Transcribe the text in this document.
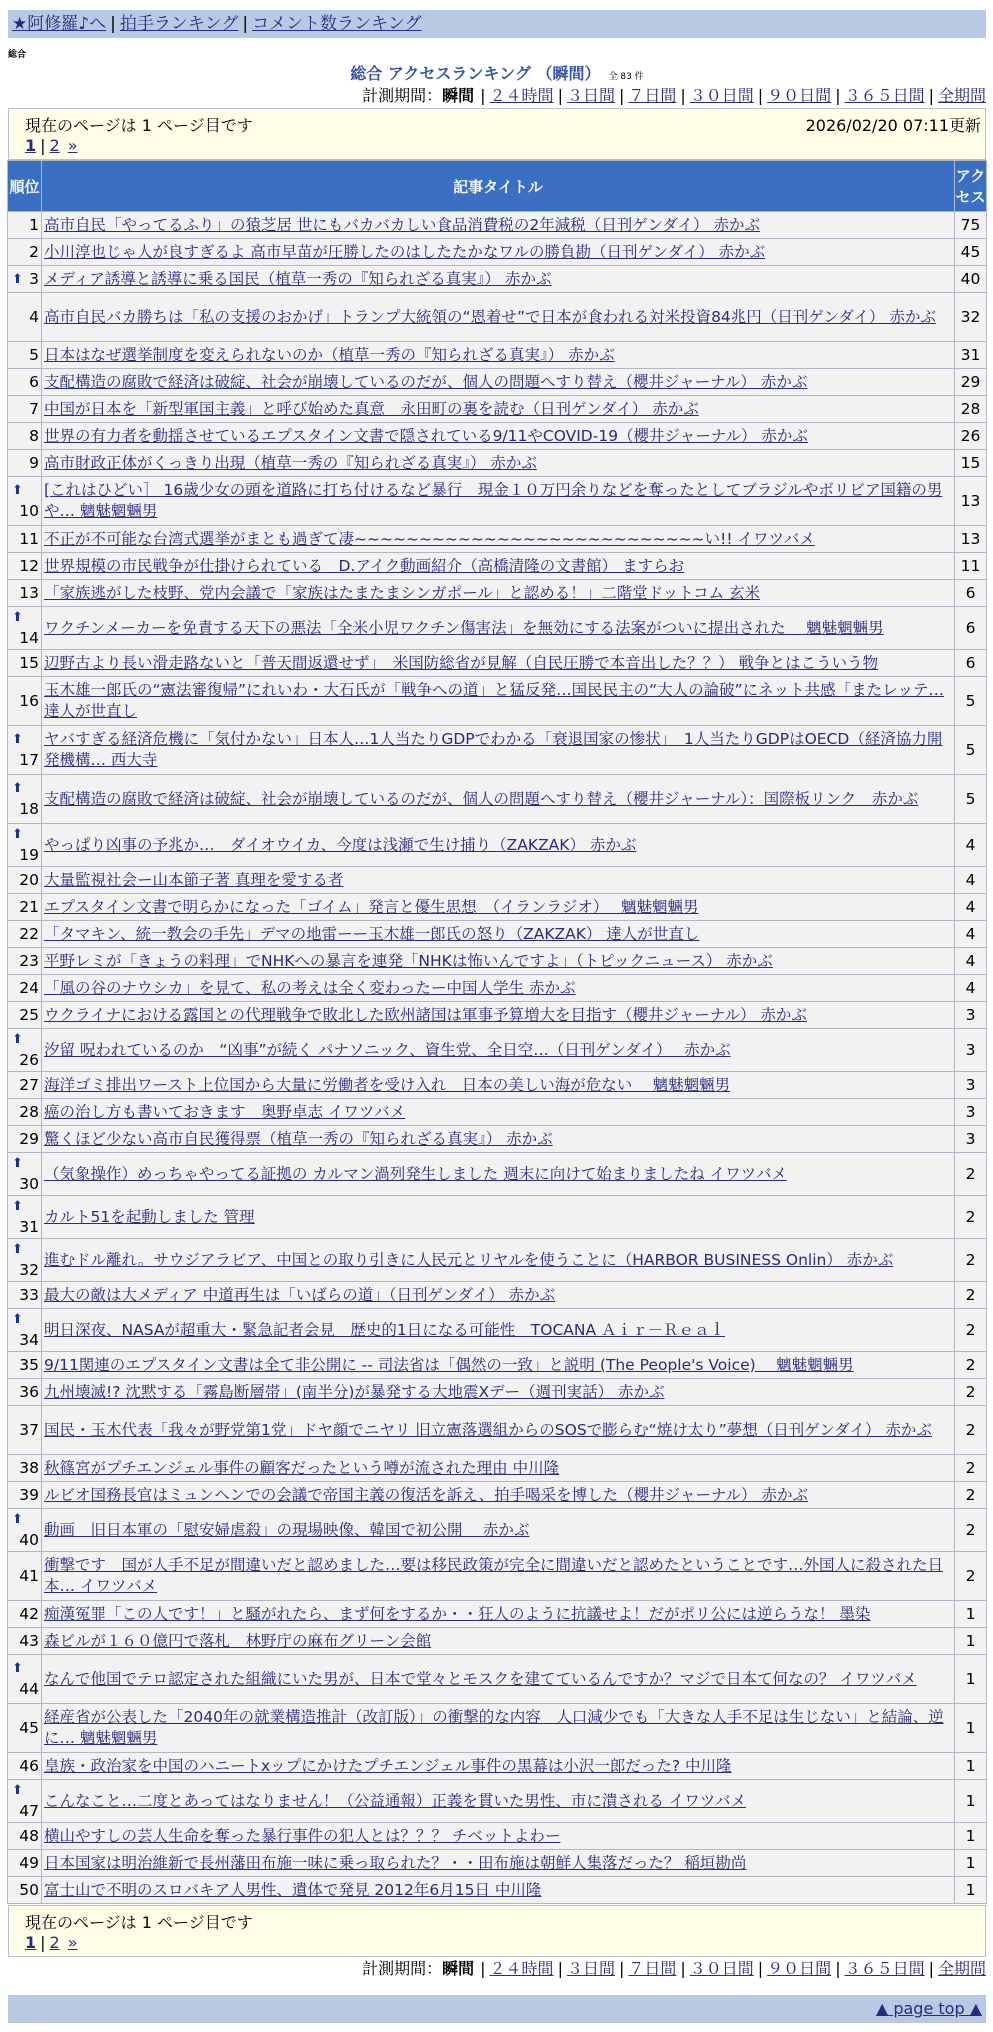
★阿修羅♪へ | 拍手ランキング | コメント数ランキング
総合
総合 アクセスランキング （瞬間） 全 83 件
計測期間：瞬間 | ２４時間 | ３日間 | ７日間 | ３０日間 | ９０日間 | ３６５日間 | 全期間
現在のページは 1 ページ目です	2026/02/20 07:11更新
1 | 2 »
順位	記事タイトル	アクセス
1	高市自民「やってるふり」の猿芝居 世にもバカバカしい食品消費税の2年減税（日刊ゲンダイ） 赤かぶ	75
2	小川淳也じゃ人が良すぎるよ 高市早苗が圧勝したのはしたたかなワルの勝負勘（日刊ゲンダイ） 赤かぶ	45

⬆ 3	メディア誘導と誘導に乗る国民（植草一秀の『知られざる真実』） 赤かぶ	40
4	高市自民バカ勝ちは「私の支援のおかげ」トランプ大統領の“恩着せ”で日本が食われる対米投資84兆円（日刊ゲンダイ） 赤かぶ	32
5	日本はなぜ選挙制度を変えられないのか（植草一秀の『知られざる真実』） 赤かぶ	31
6	支配構造の腐敗で経済は破綻、社会が崩壊しているのだが、個人の問題へすり替え（櫻井ジャーナル） 赤かぶ	29
7	中国が日本を「新型軍国主義」と呼び始めた真意　永田町の裏を読む（日刊ゲンダイ） 赤かぶ	28
8	世界の有力者を動揺させているエプスタイン文書で隠されている9/11やCOVID-19（櫻井ジャーナル） 赤かぶ	26
9	高市財政正体がくっきり出現（植草一秀の『知られざる真実』） 赤かぶ	15

⬆
10	[これはひどい］ 16歳少女の頭を道路に打ち付けるなど暴行　現金１０万円余りなどを奪ったとしてブラジルやボリビア国籍の男や… 魑魅魍魎男	13
11	不正が不可能な台湾式選挙がまとも過ぎて凄~~~~~~~~~~~~~~~~~~~~~~~~~~~い!! イワツバメ	13
12	世界規模の市民戦争が仕掛けられている　D.アイク動画紹介（高橋清隆の文書館） ますらお	11
13	「家族逃がした枝野、党内会議で「家族はたまたまシンガポール」と認める！」二階堂ドットコム 玄米	6

⬆
14	ワクチンメーカーを免責する天下の悪法「全米小児ワクチン傷害法」を無効にする法案がついに提出された　 魑魅魍魎男	6
15	辺野古より長い滑走路ないと「普天間返還せず」　米国防総省が見解（自民圧勝で本音出した？？） 戦争とはこういう物	6
16	玉木雄一郎氏の“憲法審復帰”にれいわ・大石氏が「戦争への道」と猛反発…国民民主の“大人の論破”にネット共感「またレッテ… 達人が世直し	5

⬆
17	ヤバすぎる経済危機に「気付かない」日本人…1人当たりGDPでわかる「衰退国家の惨状」　1人当たりGDPはOECD（経済協力開発機構… 西大寺	5

⬆
18	支配構造の腐敗で経済は破綻、社会が崩壊しているのだが、個人の問題へすり替え（櫻井ジャーナル）：国際板リンク　赤かぶ	5

⬆
19	やっぱり凶事の予兆か…　ダイオウイカ、今度は浅瀬で生け捕り（ZAKZAK） 赤かぶ	4
20	大量監視社会ー山本節子著 真理を愛する者	4
21	エプスタイン文書で明らかになった「ゴイム」発言と優生思想　（イランラジオ）　 魑魅魍魎男	4
22	「タマキン、統一教会の手先」デマの地雷ーー玉木雄一郎氏の怒り（ZAKZAK） 達人が世直し	4
23	平野レミが「きょうの料理」でNHKへの暴言を連発「NHKは怖いんですよ」（トピックニュース） 赤かぶ	4
24	「風の谷のナウシカ」を見て、私の考えは全く変わったー中国人学生 赤かぶ	4
25	ウクライナにおける露国との代理戦争で敗北した欧州諸国は軍事予算増大を目指す（櫻井ジャーナル） 赤かぶ	3

⬆
26	汐留 呪われているのか　“凶事”が続く パナソニック、資生党、全日空…（日刊ゲンダイ）　 赤かぶ	3
27	海洋ゴミ排出ワースト上位国から大量に労働者を受け入れ　日本の美しい海が危ない　 魑魅魍魎男	3
28	癌の治し方も書いておきます　奥野卓志 イワツバメ	3
29	驚くほど少ない高市自民獲得票（植草一秀の『知られざる真実』） 赤かぶ	3

⬆
30	（気象操作）めっちゃやってる証拠の カルマン渦列発生しました 週末に向けて始まりましたね イワツバメ	2

⬆
31	カルト51を起動しました 管理	2

⬆
32	進むドル離れ。サウジアラビア、中国との取り引きに人民元とリヤルを使うことに（HARBOR BUSINESS Onlin） 赤かぶ	2
33	最大の敵は大メディア 中道再生は「いばらの道」（日刊ゲンダイ） 赤かぶ	2

⬆
34	明日深夜、NASAが超重大・緊急記者会見　歴史的1日になる可能性　TOCANA Ａｉｒ－Ｒｅａｌ	2
35	9/11関連のエプスタイン文書は全て非公開に -- 司法省は「偶然の一致」と説明 (The People's Voice)　 魑魅魍魎男	2
36	九州壊滅!? 沈黙する「霧島断層帯」(南半分)が暴発する大地震Xデー（週刊実話） 赤かぶ	2
37	国民・玉木代表「我々が野党第1党」ドヤ顔でニヤリ 旧立憲落選組からのSOSで膨らむ“焼け太り”夢想（日刊ゲンダイ） 赤かぶ	2
38	秋篠宮がプチエンジェル事件の顧客だったという噂が流された理由 中川隆	2
39	ルビオ国務長官はミュンヘンでの会議で帝国主義の復活を訴え、拍手喝采を博した（櫻井ジャーナル） 赤かぶ	2

⬆
40	動画　旧日本軍の「慰安婦虐殺」の現場映像、韓国で初公開　 赤かぶ	2
41	衝撃です　国が人手不足が間違いだと認めました…要は移民政策が完全に間違いだと認めたということです…外国人に殺された日本… イワツバメ	2
42	痴漢冤罪「この人です！」と騒がれたら、まず何をするか・・狂人のように抗議せよ！だがポリ公には逆らうな！ 墨染	1
43	森ビルが１６０億円で落札　林野庁の麻布グリーン会館	1

⬆
44	なんで他国でテロ認定された組織にいた男が、日本で堂々とモスクを建てているんですか？マジで日本て何なの？ イワツバメ	1
45	経産省が公表した「2040年の就業構造推計（改訂版）」の衝撃的な内容　人口減少でも「大きな人手不足は生じない」と結論、逆に… 魑魅魍魎男	1
46	皇族・政治家を中国のハニートxップにかけたプチエンジェル事件の黒幕は小沢一郎だった? 中川隆	1

⬆
47	こんなこと…二度とあってはなりません！（公益通報）正義を貫いた男性、市に潰される イワツバメ	1
48	横山やすしの芸人生命を奪った暴行事件の犯人とは？？？ チベットよわー	1
49	日本国家は明治維新で長州藩田布施一味に乗っ取られた？・・田布施は朝鮮人集落だった？ 稲垣勘尚	1
50	富士山で不明のスロバキア人男性、遺体で発見 2012年6月15日 中川隆	1
現在のページは 1 ページ目です
1 | 2 »
計測期間：瞬間 | ２４時間 | ３日間 | ７日間 | ３０日間 | ９０日間 | ３６５日間 | 全期間
▲ page top ▲
